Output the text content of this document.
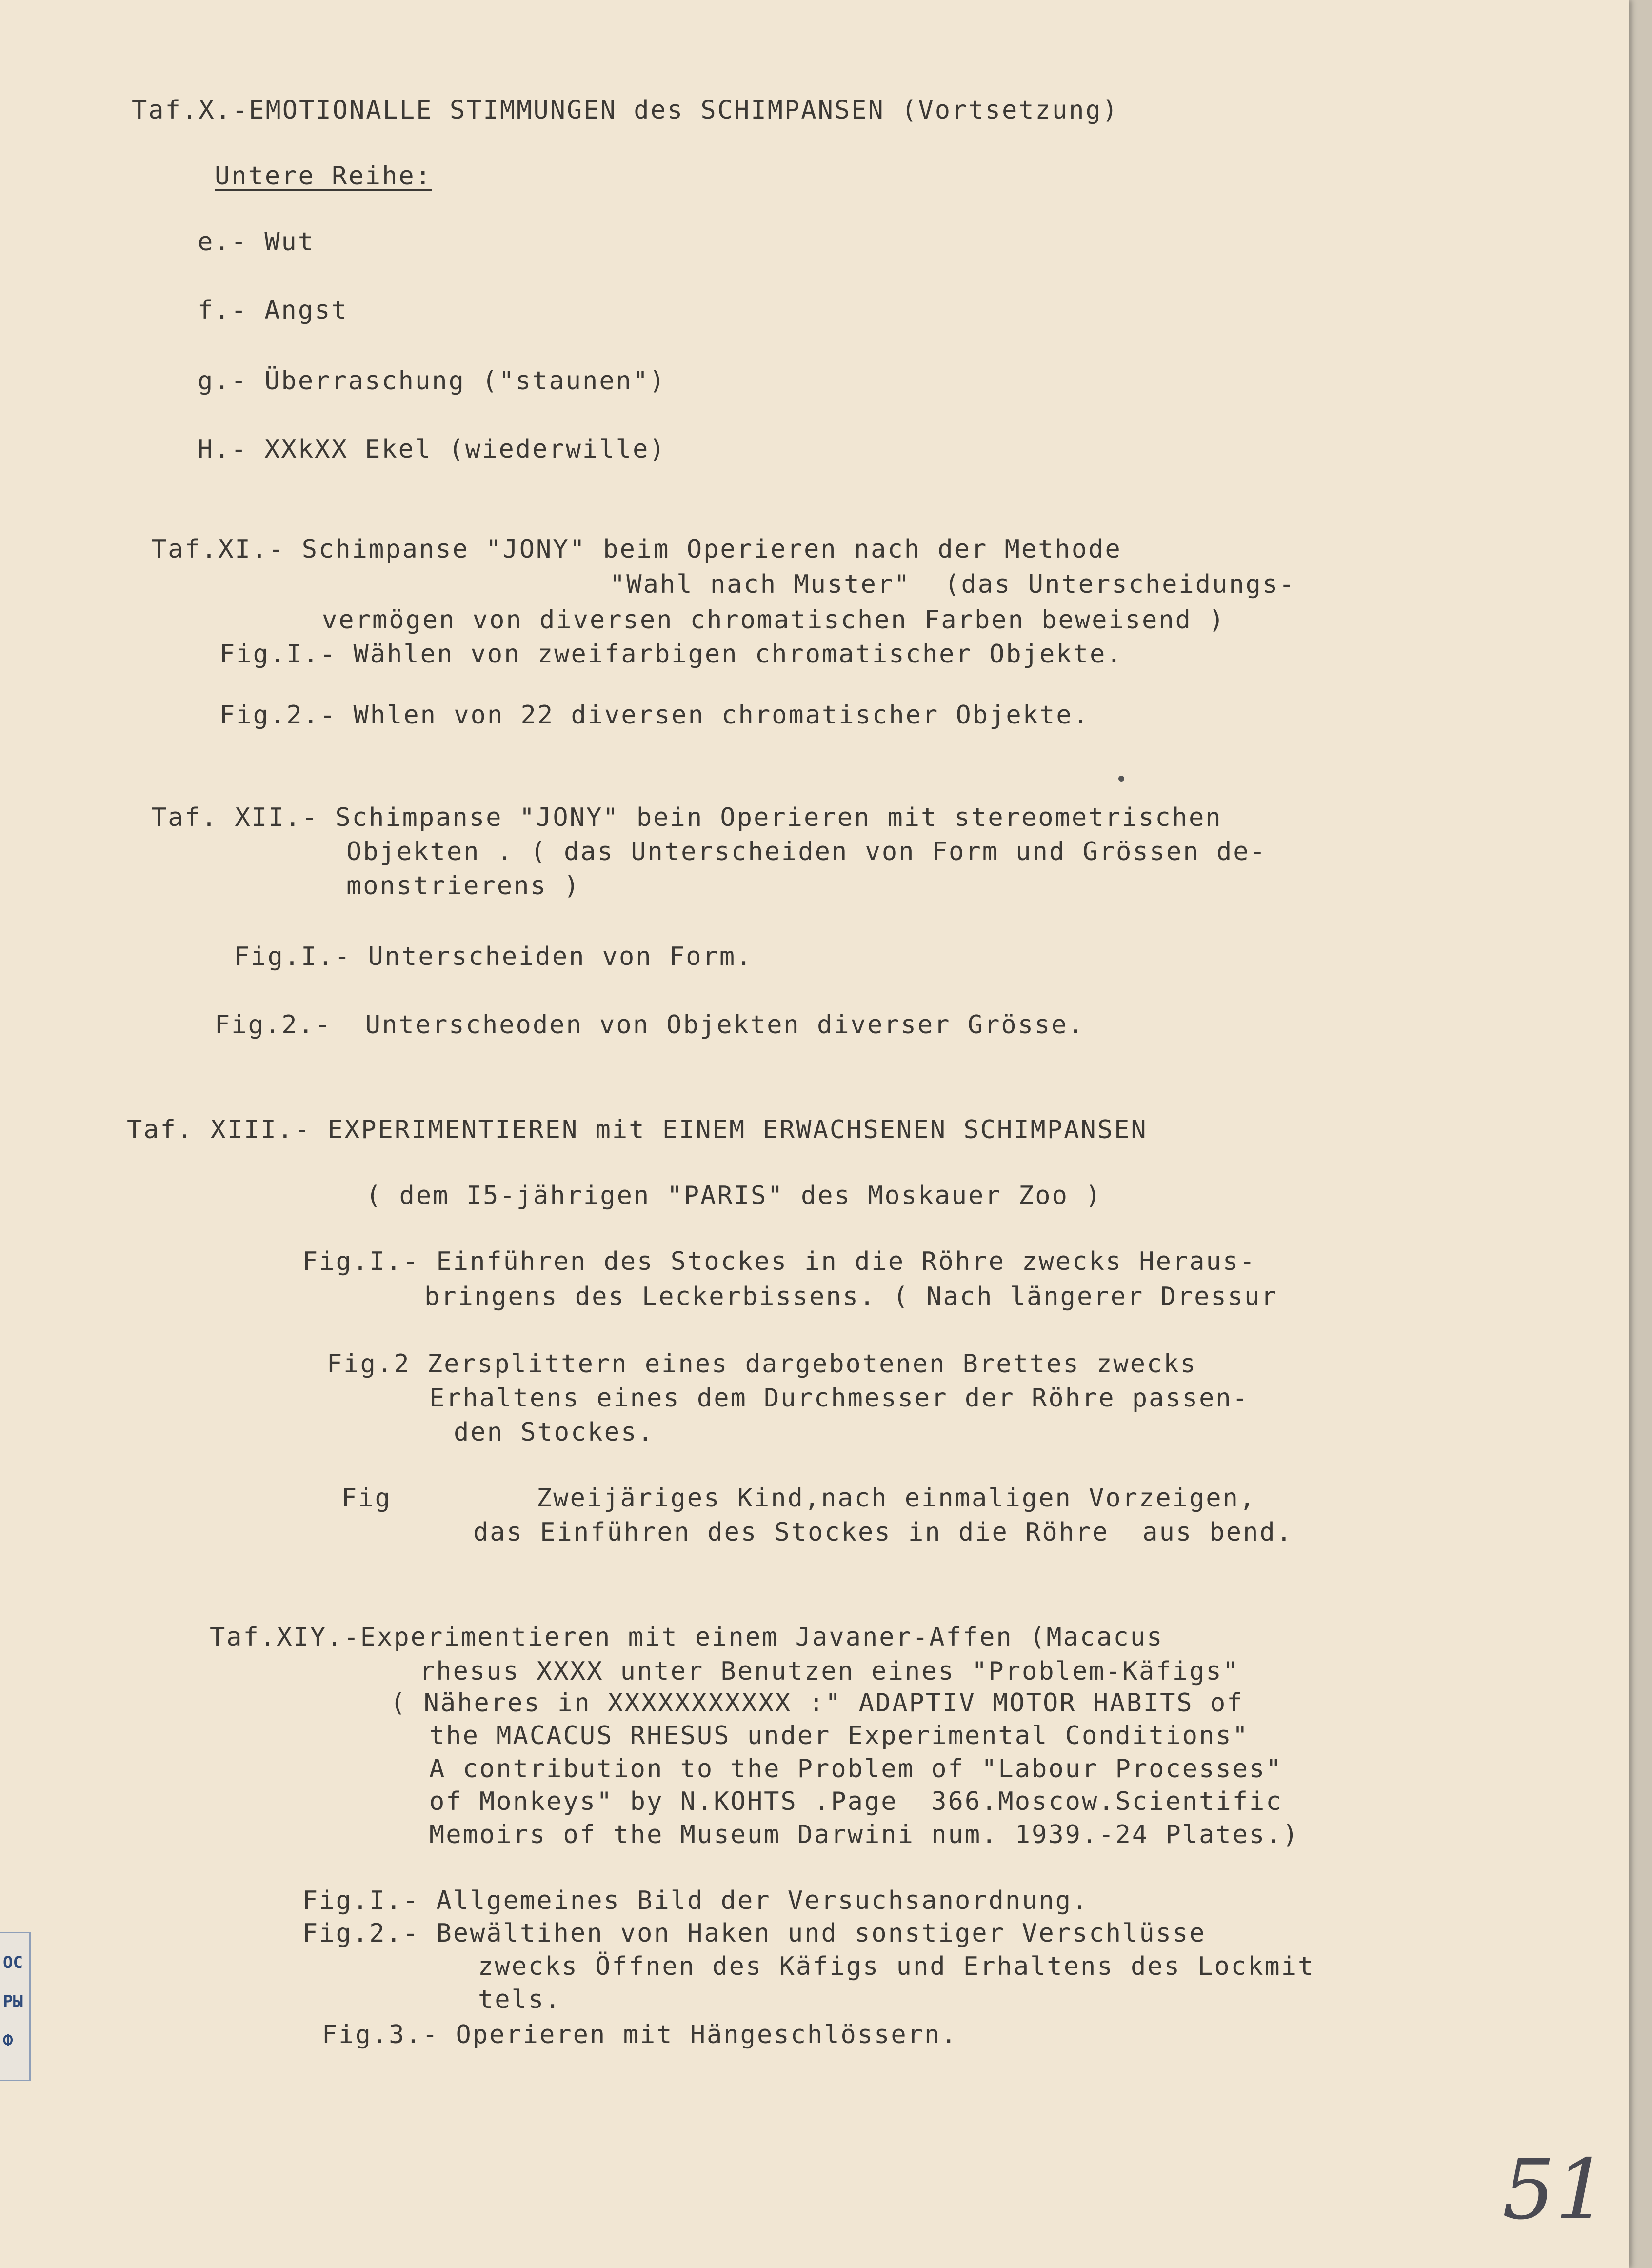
Taf.X.-EMOTIONALLE STIMMUNGEN des SCHIMPANSEN (Vortsetzung)
Untere Reihe:
e.- Wut
f.- Angst
g.- Überraschung ("staunen")
H.- XXkXX Ekel (wiederwille)
Taf.XI.- Schimpanse "JONY" beim Operieren nach der Methode
"Wahl nach Muster"  (das Unterscheidungs-
vermögen von diversen chromatischen Farben beweisend )
Fig.I.- Wählen von zweifarbigen chromatischer Objekte.
Fig.2.- Whlen von 22 diversen chromatischer Objekte.
Taf. XII.- Schimpanse "JONY" bein Operieren mit stereometrischen
Objekten . ( das Unterscheiden von Form und Grössen de-
monstrierens )
Fig.I.- Unterscheiden von Form.
Fig.2.-  Unterscheoden von Objekten diverser Grösse.
Taf. XIII.- EXPERIMENTIEREN mit EINEM ERWACHSENEN SCHIMPANSEN
( dem I5-jährigen "PARIS" des Moskauer Zoo )
Fig.I.- Einführen des Stockes in die Röhre zwecks Heraus-
bringens des Leckerbissens. ( Nach längerer Dressur
Fig.2 Zersplittern eines dargebotenen Brettes zwecks
Erhaltens eines dem Durchmesser der Röhre passen-
den Stockes.
Fig	Zweijäriges Kind,nach einmaligen Vorzeigen,
das Einführen des Stockes in die Röhre  aus bend.
Taf.XIY.-Experimentieren mit einem Javaner-Affen (Macacus
rhesus XXXX unter Benutzen eines "Problem-Käfigs"
( Näheres in XXXXXXXXXXX :" ADAPTIV MOTOR HABITS of
the MACACUS RHESUS under Experimental Conditions"
A contribution to the Problem of "Labour Processes"
of Monkeys" by N.KOHTS .Page  366.Moscow.Scientific
Memoirs of the Museum Darwini num. 1939.-24 Plates.)
Fig.I.- Allgemeines Bild der Versuchsanordnung.
Fig.2.- Bewältihen von Haken und sonstiger Verschlüsse
zwecks Öffnen des Käfigs und Erhaltens des Lockmit
tels.
Fig.3.- Operieren mit Hängeschlössern.
51
ОС
РЫ
Ф
